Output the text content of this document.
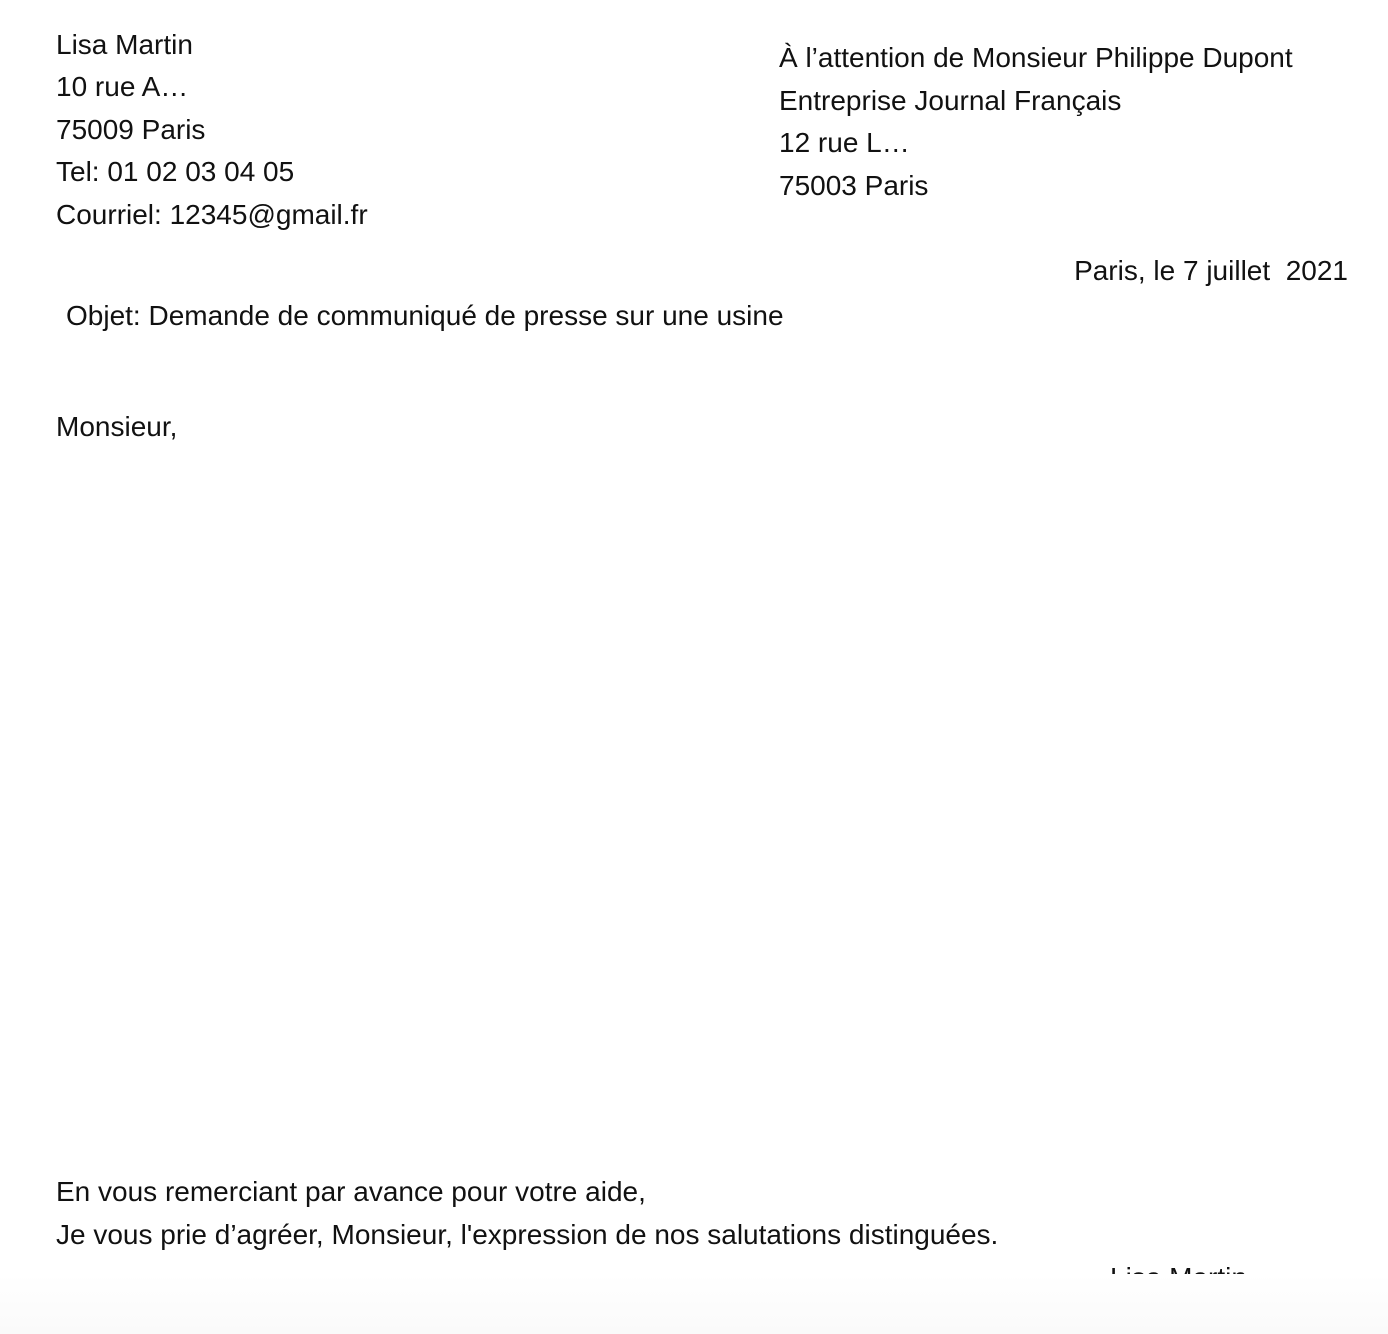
Lisa Martin
10 rue A…
75009 Paris
Tel: 01 02 03 04 05
Courriel: 12345@gmail.fr
À l’attention de Monsieur Philippe Dupont
Entreprise Journal Français
12 rue L…
75003 Paris
Paris, le 7 juillet  2021
Objet: Demande de communiqué de presse sur une usine
Monsieur,
En vous remerciant par avance pour votre aide,
Je vous prie d’agréer, Monsieur, l'expression de nos salutations distinguées.
